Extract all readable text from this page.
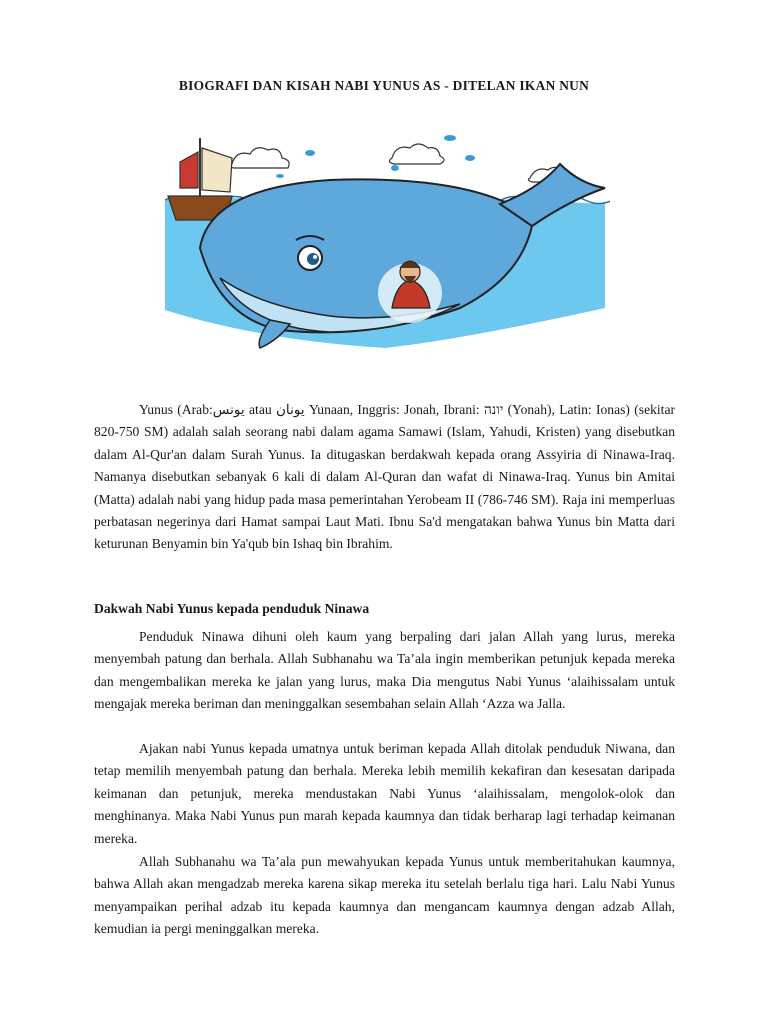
BIOGRAFI DAN KISAH NABI YUNUS AS - DITELAN IKAN NUN

Yunus (Arab:يونس atau يونان Yunaan, Inggris: Jonah, Ibrani: יונה (Yonah), Latin: Ionas) (sekitar 820-750 SM) adalah salah seorang nabi dalam agama Samawi (Islam, Yahudi, Kristen) yang disebutkan dalam Al-Qur'an dalam Surah Yunus. Ia ditugaskan berdakwah kepada orang Assyiria di Ninawa-Iraq. Namanya disebutkan sebanyak 6 kali di dalam Al-Quran dan wafat di Ninawa-Iraq. Yunus bin Amitai (Matta) adalah nabi yang hidup pada masa pemerintahan Yerobeam II (786-746 SM). Raja ini memperluas perbatasan negerinya dari Hamat sampai Laut Mati. Ibnu Sa'd mengatakan bahwa Yunus bin Matta dari keturunan Benyamin bin Ya'qub bin Ishaq bin Ibrahim.

Dakwah Nabi Yunus kepada penduduk Ninawa

Penduduk Ninawa dihuni oleh kaum yang berpaling dari jalan Allah yang lurus, mereka menyembah patung dan berhala. Allah Subhanahu wa Ta’ala ingin memberikan petunjuk kepada mereka dan mengembalikan mereka ke jalan yang lurus, maka Dia mengutus Nabi Yunus ‘alaihissalam untuk mengajak mereka beriman dan meninggalkan sesembahan selain Allah ‘Azza wa Jalla.

Ajakan nabi Yunus kepada umatnya untuk beriman kepada Allah ditolak penduduk Niwana, dan tetap memilih menyembah patung dan berhala. Mereka lebih memilih kekafiran dan kesesatan daripada keimanan dan petunjuk, mereka mendustakan Nabi Yunus ‘alaihissalam, mengolok-olok dan menghinanya. Maka Nabi Yunus pun marah kepada kaumnya dan tidak berharap lagi terhadap keimanan mereka.

Allah Subhanahu wa Ta’ala pun mewahyukan kepada Yunus untuk memberitahukan kaumnya, bahwa Allah akan mengadzab mereka karena sikap mereka itu setelah berlalu tiga hari. Lalu Nabi Yunus menyampaikan perihal adzab itu kepada kaumnya dan mengancam kaumnya dengan adzab Allah, kemudian ia pergi meninggalkan mereka.
